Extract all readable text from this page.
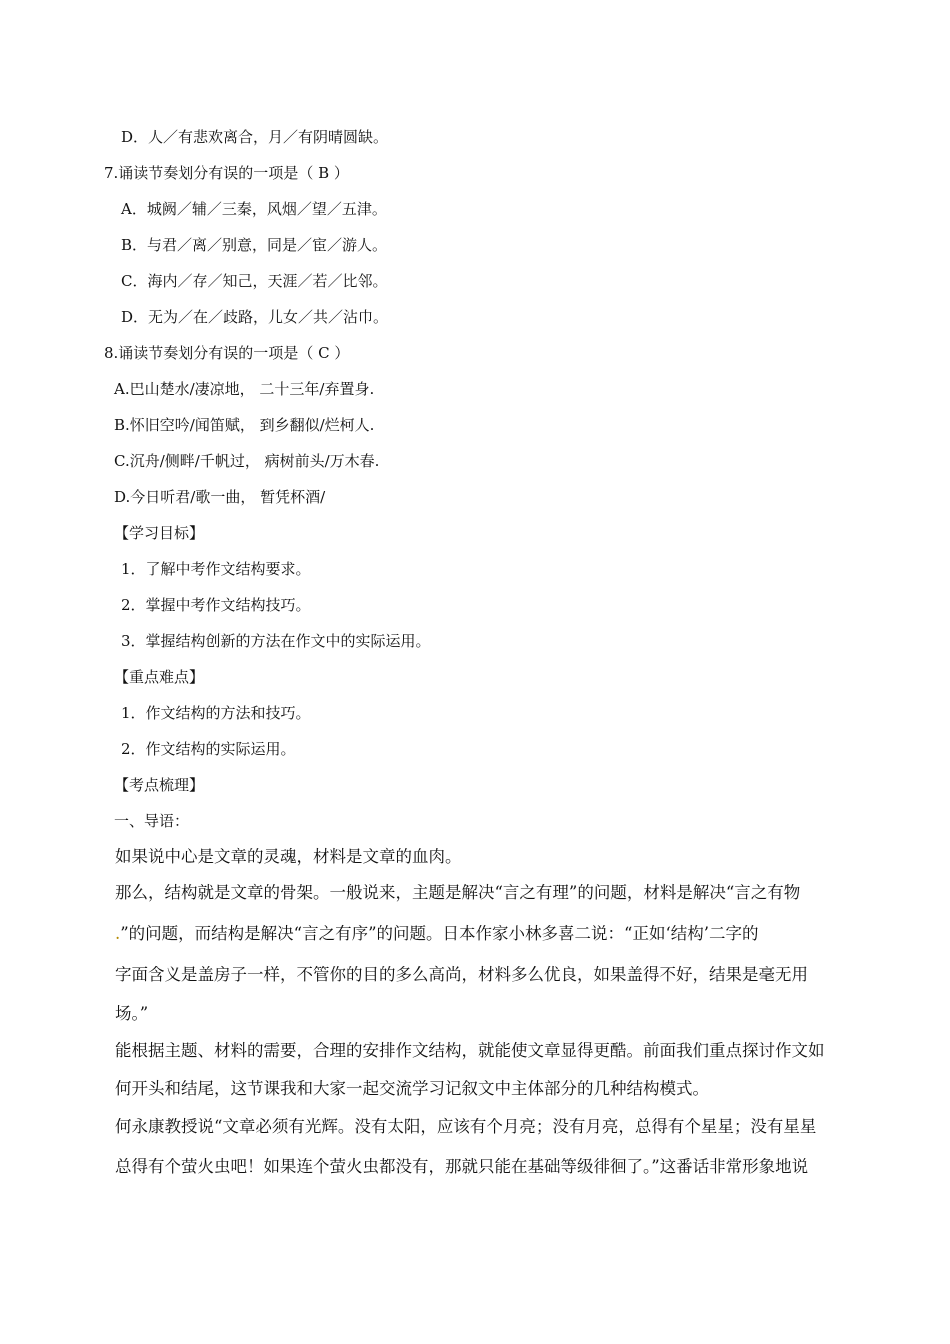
D．人／有悲欢离合，月／有阴晴圆缺。
7.诵读节奏划分有误的一项是（ B ）
A．城阙／辅／三秦，风烟／望／五津。
B．与君／离／别意，同是／宦／游人。
C．海内／存／知己，天涯／若／比邻。
D．无为／在／歧路，儿女／共／沾巾。
8.诵读节奏划分有误的一项是（ C ）
A.巴山楚水/凄凉地， 二十三年/弃置身.
B.怀旧空吟/闻笛赋， 到乡翻似/烂柯人.
C.沉舟/侧畔/千帆过， 病树前头/万木春.
D.今日听君/歌一曲， 暂凭杯酒/
【学习目标】
1．了解中考作文结构要求。
2．掌握中考作文结构技巧。
3．掌握结构创新的方法在作文中的实际运用。
【重点难点】
1．作文结构的方法和技巧。
2．作文结构的实际运用。
【考点梳理】
一、导语：
如果说中心是文章的灵魂，材料是文章的血肉。
那么，结构就是文章的骨架。一般说来，主题是解决“言之有理”的问题，材料是解决“言之有物
.”的问题，而结构是解决“言之有序”的问题。日本作家小林多喜二说：“正如‘结构’二字的
字面含义是盖房子一样，不管你的目的多么高尚，材料多么优良，如果盖得不好，结果是毫无用
场。”
能根据主题、材料的需要，合理的安排作文结构，就能使文章显得更酷。前面我们重点探讨作文如
何开头和结尾，这节课我和大家一起交流学习记叙文中主体部分的几种结构模式。
何永康教授说“文章必须有光辉。没有太阳，应该有个月亮；没有月亮，总得有个星星；没有星星
总得有个萤火虫吧！如果连个萤火虫都没有，那就只能在基础等级徘徊了。”这番话非常形象地说
